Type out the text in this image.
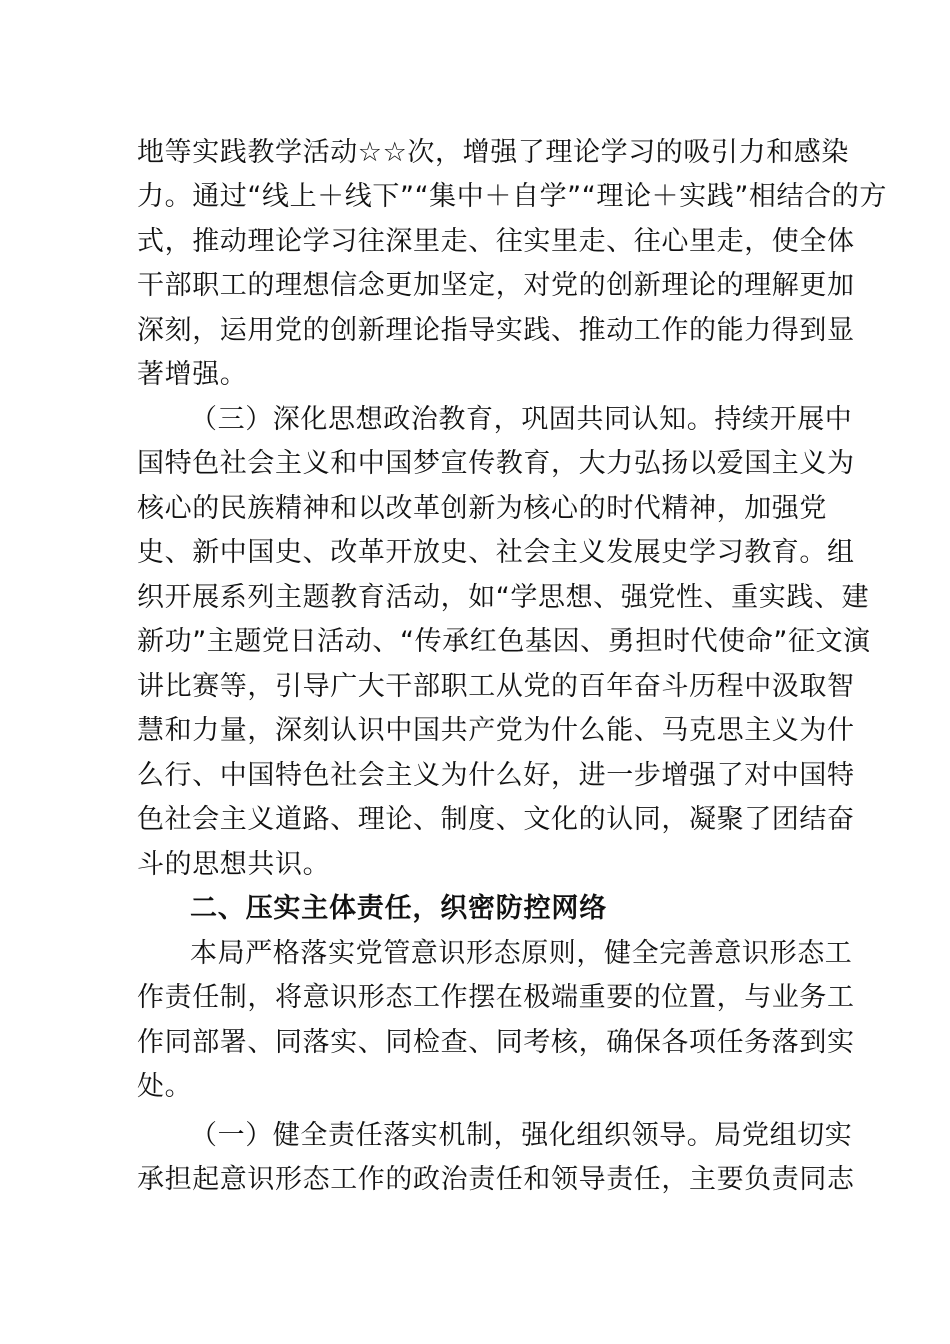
地等实践教学活动☆☆次，增强了理论学习的吸引力和感染

力。通过“线上＋线下”“集中＋自学”“理论＋实践”相结合的方

式，推动理论学习往深里走、往实里走、往心里走，使全体

干部职工的理想信念更加坚定，对党的创新理论的理解更加

深刻，运用党的创新理论指导实践、推动工作的能力得到显

著增强。

（三）深化思想政治教育，巩固共同认知。持续开展中

国特色社会主义和中国梦宣传教育，大力弘扬以爱国主义为

核心的民族精神和以改革创新为核心的时代精神，加强党

史、新中国史、改革开放史、社会主义发展史学习教育。组

织开展系列主题教育活动，如“学思想、强党性、重实践、建

新功”主题党日活动、“传承红色基因、勇担时代使命”征文演

讲比赛等，引导广大干部职工从党的百年奋斗历程中汲取智

慧和力量，深刻认识中国共产党为什么能、马克思主义为什

么行、中国特色社会主义为什么好，进一步增强了对中国特

色社会主义道路、理论、制度、文化的认同，凝聚了团结奋

斗的思想共识。

二、压实主体责任，织密防控网络

本局严格落实党管意识形态原则，健全完善意识形态工

作责任制，将意识形态工作摆在极端重要的位置，与业务工

作同部署、同落实、同检查、同考核，确保各项任务落到实

处。

（一）健全责任落实机制，强化组织领导。局党组切实

承担起意识形态工作的政治责任和领导责任，主要负责同志
